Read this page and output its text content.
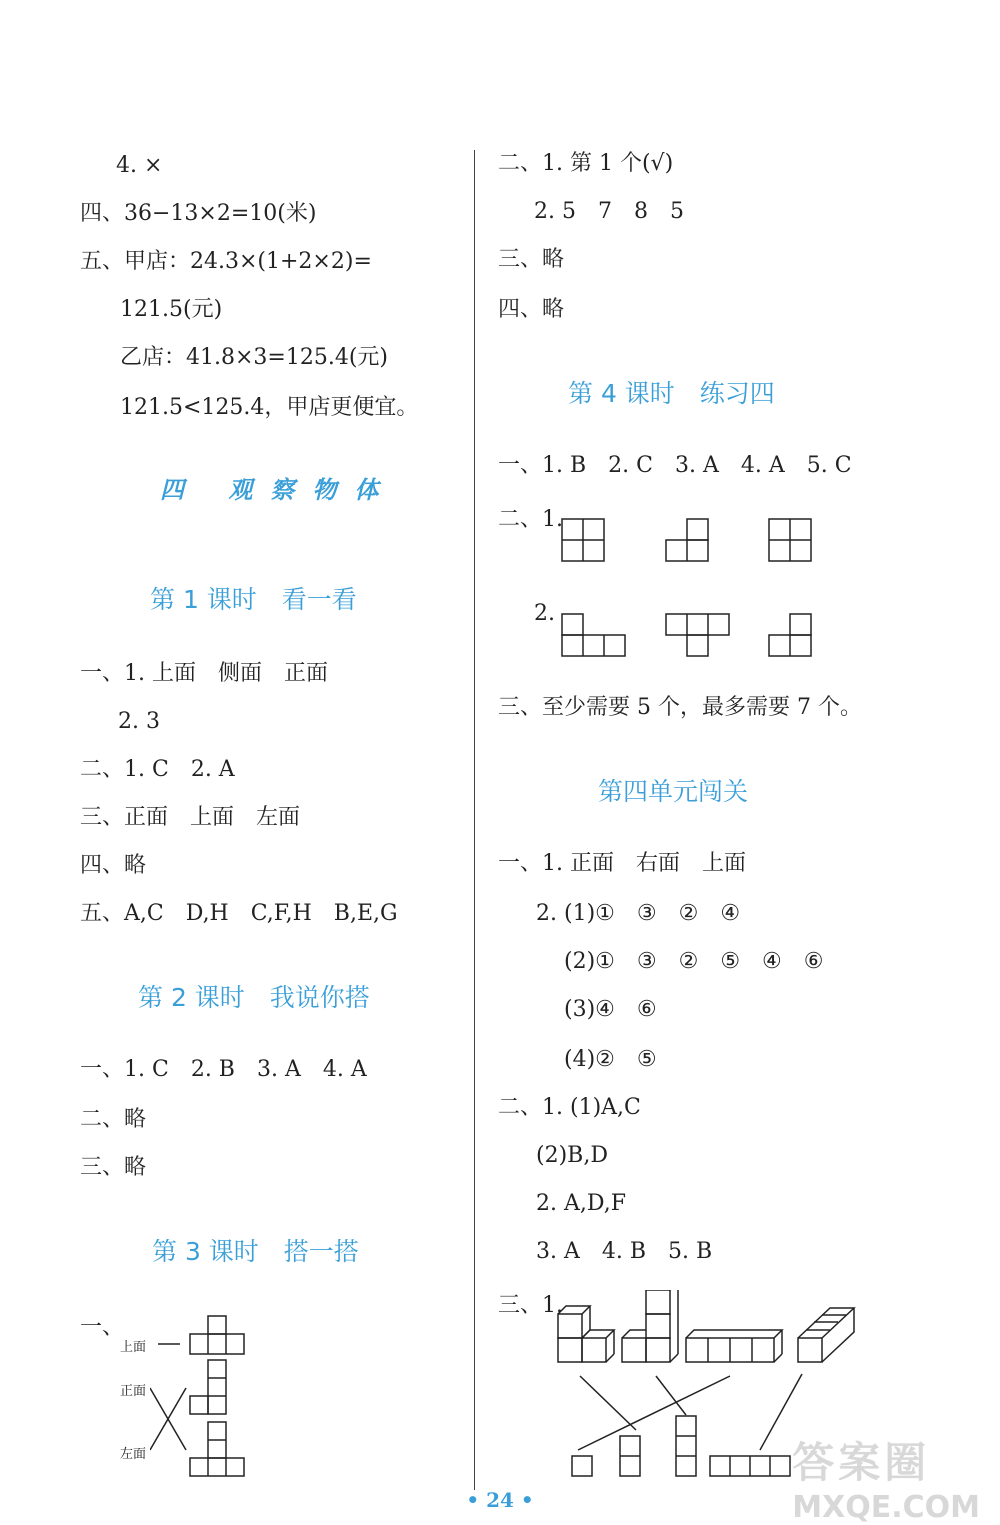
4. ×
四、36−13×2=10(米)
五、甲店：24.3×(1+2×2)=
121.5(元)
乙店：41.8×3=125.4(元)
121.5<125.4，甲店更便宜。
四 观察物体
第 1 课时　看一看
一、1. 上面　侧面　正面
2. 3
二、1. C　2. A
三、正面　上面　左面
四、略
五、A,C　D,H　C,F,H　B,E,G
第 2 课时　我说你搭
一、1. C　2. B　3. A　4. A
二、略
三、略
第 3 课时　搭一搭
一、
上面
正面
左面
二、1. 第 1 个(√)
2. 5　7　8　5
三、略
四、略
第 4 课时　练习四
一、1. B　2. C　3. A　4. A　5. C
二、1.
2.
三、至少需要 5 个，最多需要 7 个。
第四单元闯关
一、1. 正面　右面　上面
2. (1)①　③　②　④
(2)①　③　②　⑤　④　⑥
(3)④　⑥
(4)②　⑤
二、1. (1)A,C
(2)B,D
2. A,D,F
3. A　4. B　5. B
三、1.
• 24 •
答案圈
MXQE.COM
